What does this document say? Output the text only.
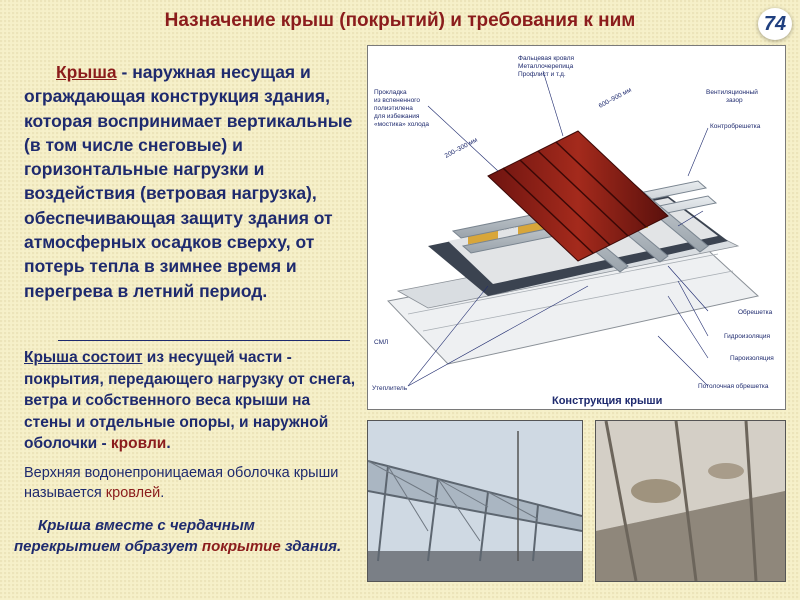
Назначение крыш (покрытий) и требования к ним	74
Крыша - наружная несущая и ограждающая конструкция здания, которая воспринимает вертикальные (в том числе снеговые) и горизонтальные нагрузки и воздействия (ветровая нагрузка), обеспечивающая защиту здания от атмосферных осадков сверху, от потерь тепла в зимнее время и перегрева в летний период.
Крыша состоит из несущей части - покрытия, передающего нагрузку от снега, ветра и собственного веса крыши на стены и отдельные опоры, и наружной оболочки - кровли.
Верхняя водонепроницаемая оболочка крыши называется кровлей.
Крыша вместе с чердачным перекрытием образует покрытие здания.
Фальцевая кровля
Металлочерепица
Профлист и т.д.
Прокладка
из вспененного
полиэтилена
для избежания
«мостика» холода
600–900 мм
200–300 мм
Вентиляционный
зазор
Контробрешетка
Обрешетка
Гидроизоляция
Пароизоляция
Потолочная обрешетка
СМЛ
Утеплитель
Конструкция крыши
